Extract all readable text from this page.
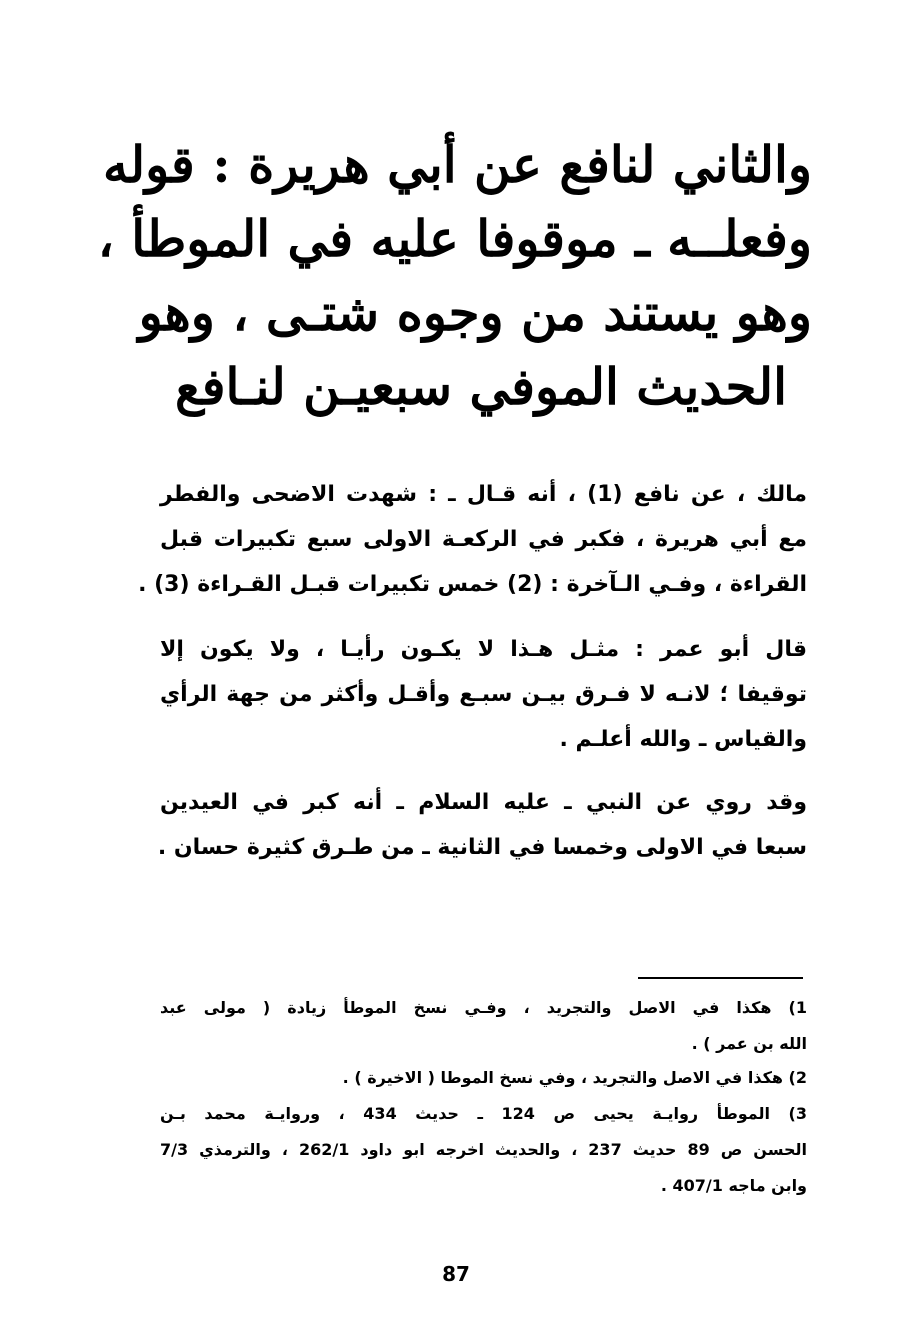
والثاني لنافع عن أبي هريرة : قوله
وفعلــه ـ موقوفا عليه في الموطأ ،
وهو يستند من وجوه شتـى ، وهو
الحديث الموفي سبعيـن لنـافع
مالك ، عن نافع (1) ، أنه قـال ـ : شهدت الاضحى والفطر
مع أبي هريرة ، فكبر في الركعـة الاولى سبع تكبيرات قبل
القراءة ، وفـي الـآخرة : (2) خمس تكبيرات قبـل القـراءة (3) .
قال أبو عمر : مثـل هـذا لا يكـون رأيـا ، ولا يكون إلا
توقيفا ؛ لانـه لا فـرق بيـن سبـع وأقـل وأكثر من جهة الرأي
والقياس ـ والله أعلـم .
وقد روي عن النبي ـ عليه السلام ـ أنه كبر في العيدين
سبعا في الاولى وخمسا في الثانية ـ من طـرق كثيرة حسان .
1) هكذا في الاصل والتجريد ، وفـي نسخ الموطأ زيادة ( مولى عبد
الله بن عمر ) .
2) هكذا في الاصل والتجريد ، وفي نسخ الموطا ( الاخيرة ) .
3) الموطأ روايـة يحيى ص 124 ـ حديث 434 ، وروايـة محمد بـن
الحسن ص 89 حديث 237 ، والحديث اخرجه ابو داود 262/1 ، والترمذي 7/3
وابن ماجه 407/1 .
87
